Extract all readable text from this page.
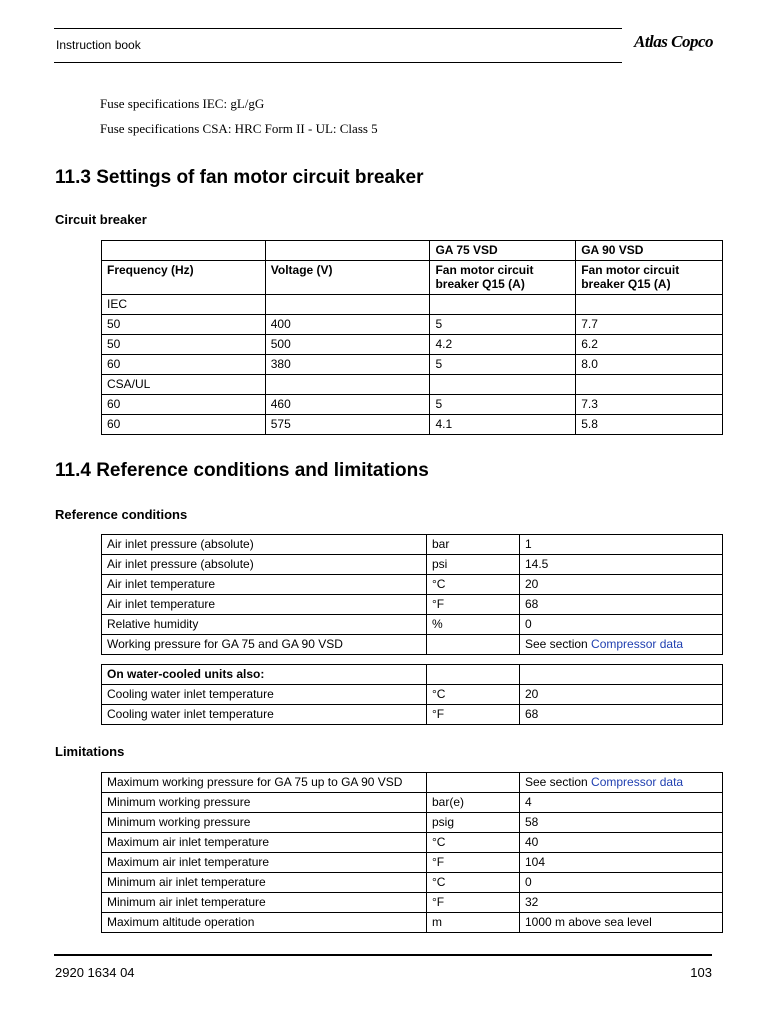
Instruction book	Atlas Copco
Fuse specifications IEC: gL/gG
Fuse specifications CSA: HRC Form II - UL: Class 5
11.3 Settings of fan motor circuit breaker
Circuit breaker
		GA 75 VSD	GA 90 VSD
Frequency (Hz)	Voltage (V)	Fan motor circuit breaker Q15 (A)	Fan motor circuit breaker Q15 (A)
IEC			
50	400	5	7.7
50	500	4.2	6.2
60	380	5	8.0
CSA/UL			
60	460	5	7.3
60	575	4.1	5.8
11.4 Reference conditions and limitations
Reference conditions
Air inlet pressure (absolute)	bar	1
Air inlet pressure (absolute)	psi	14.5
Air inlet temperature	°C	20
Air inlet temperature	°F	68
Relative humidity	%	0
Working pressure for GA 75 and GA 90 VSD		See section Compressor data
On water-cooled units also:		
Cooling water inlet temperature	°C	20
Cooling water inlet temperature	°F	68
Limitations
Maximum working pressure for GA 75 up to GA 90 VSD		See section Compressor data
Minimum working pressure	bar(e)	4
Minimum working pressure	psig	58
Maximum air inlet temperature	°C	40
Maximum air inlet temperature	°F	104
Minimum air inlet temperature	°C	0
Minimum air inlet temperature	°F	32
Maximum altitude operation	m	1000 m above sea level
2920 1634 04	103
